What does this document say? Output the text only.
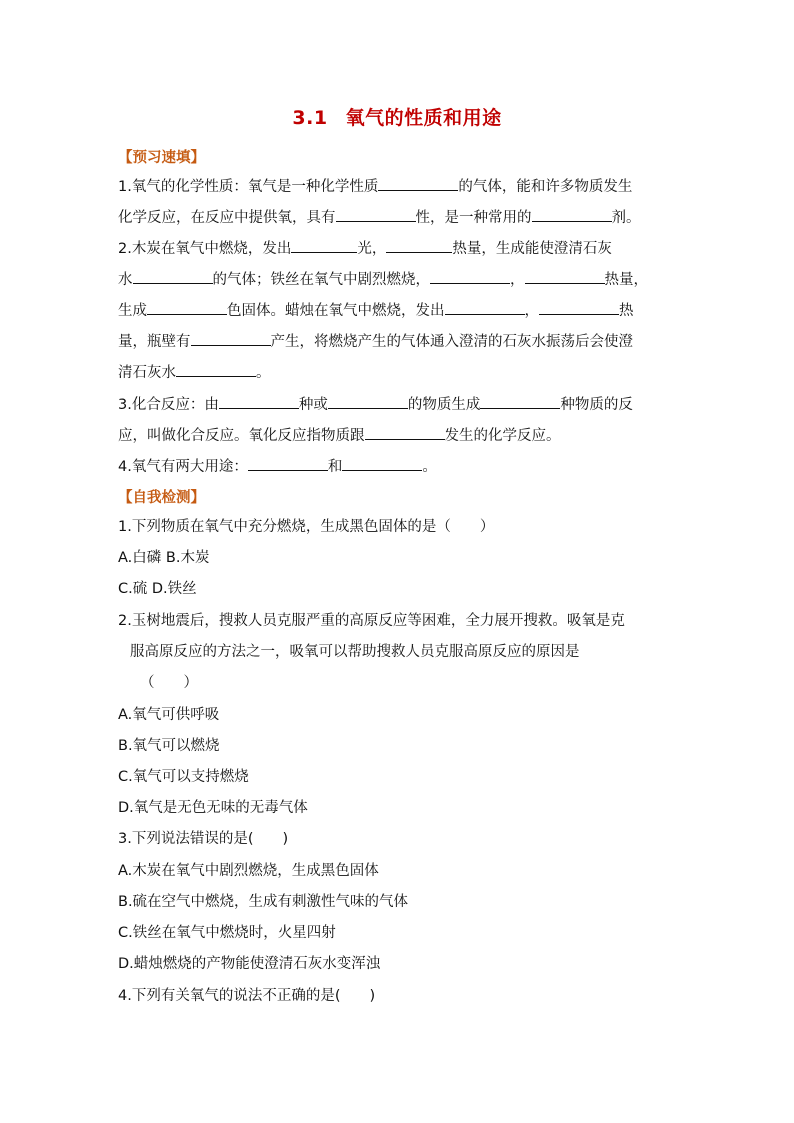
3.1 氧气的性质和用途
【预习速填】
1.氧气的化学性质：氧气是一种化学性质	的气体，能和许多物质发生
化学反应，在反应中提供氧，具有	性，是一种常用的	剂。
2.木炭在氧气中燃烧，发出	光，	热量，生成能使澄清石灰
水	的气体；铁丝在氧气中剧烈燃烧，	，	热量，
生成	色固体。蜡烛在氧气中燃烧，发出	，	热
量，瓶壁有	产生，将燃烧产生的气体通入澄清的石灰水振荡后会使澄
清石灰水	。
3.化合反应：由	种或	的物质生成	种物质的反
应，叫做化合反应。氧化反应指物质跟	发生的化学反应。
4.氧气有两大用途：	和	。
【自我检测】
1.下列物质在氧气中充分燃烧，生成黑色固体的是（　　）
A.白磷 B.木炭
C.硫 D.铁丝
2.玉树地震后，搜救人员克服严重的高原反应等困难，全力展开搜救。吸氧是克
服高原反应的方法之一，吸氧可以帮助搜救人员克服高原反应的原因是
（　　）
A.氧气可供呼吸
B.氧气可以燃烧
C.氧气可以支持燃烧
D.氧气是无色无味的无毒气体
3.下列说法错误的是(　　)
A.木炭在氧气中剧烈燃烧，生成黑色固体
B.硫在空气中燃烧，生成有刺激性气味的气体
C.铁丝在氧气中燃烧时，火星四射
D.蜡烛燃烧的产物能使澄清石灰水变浑浊
4.下列有关氧气的说法不正确的是(　　)
